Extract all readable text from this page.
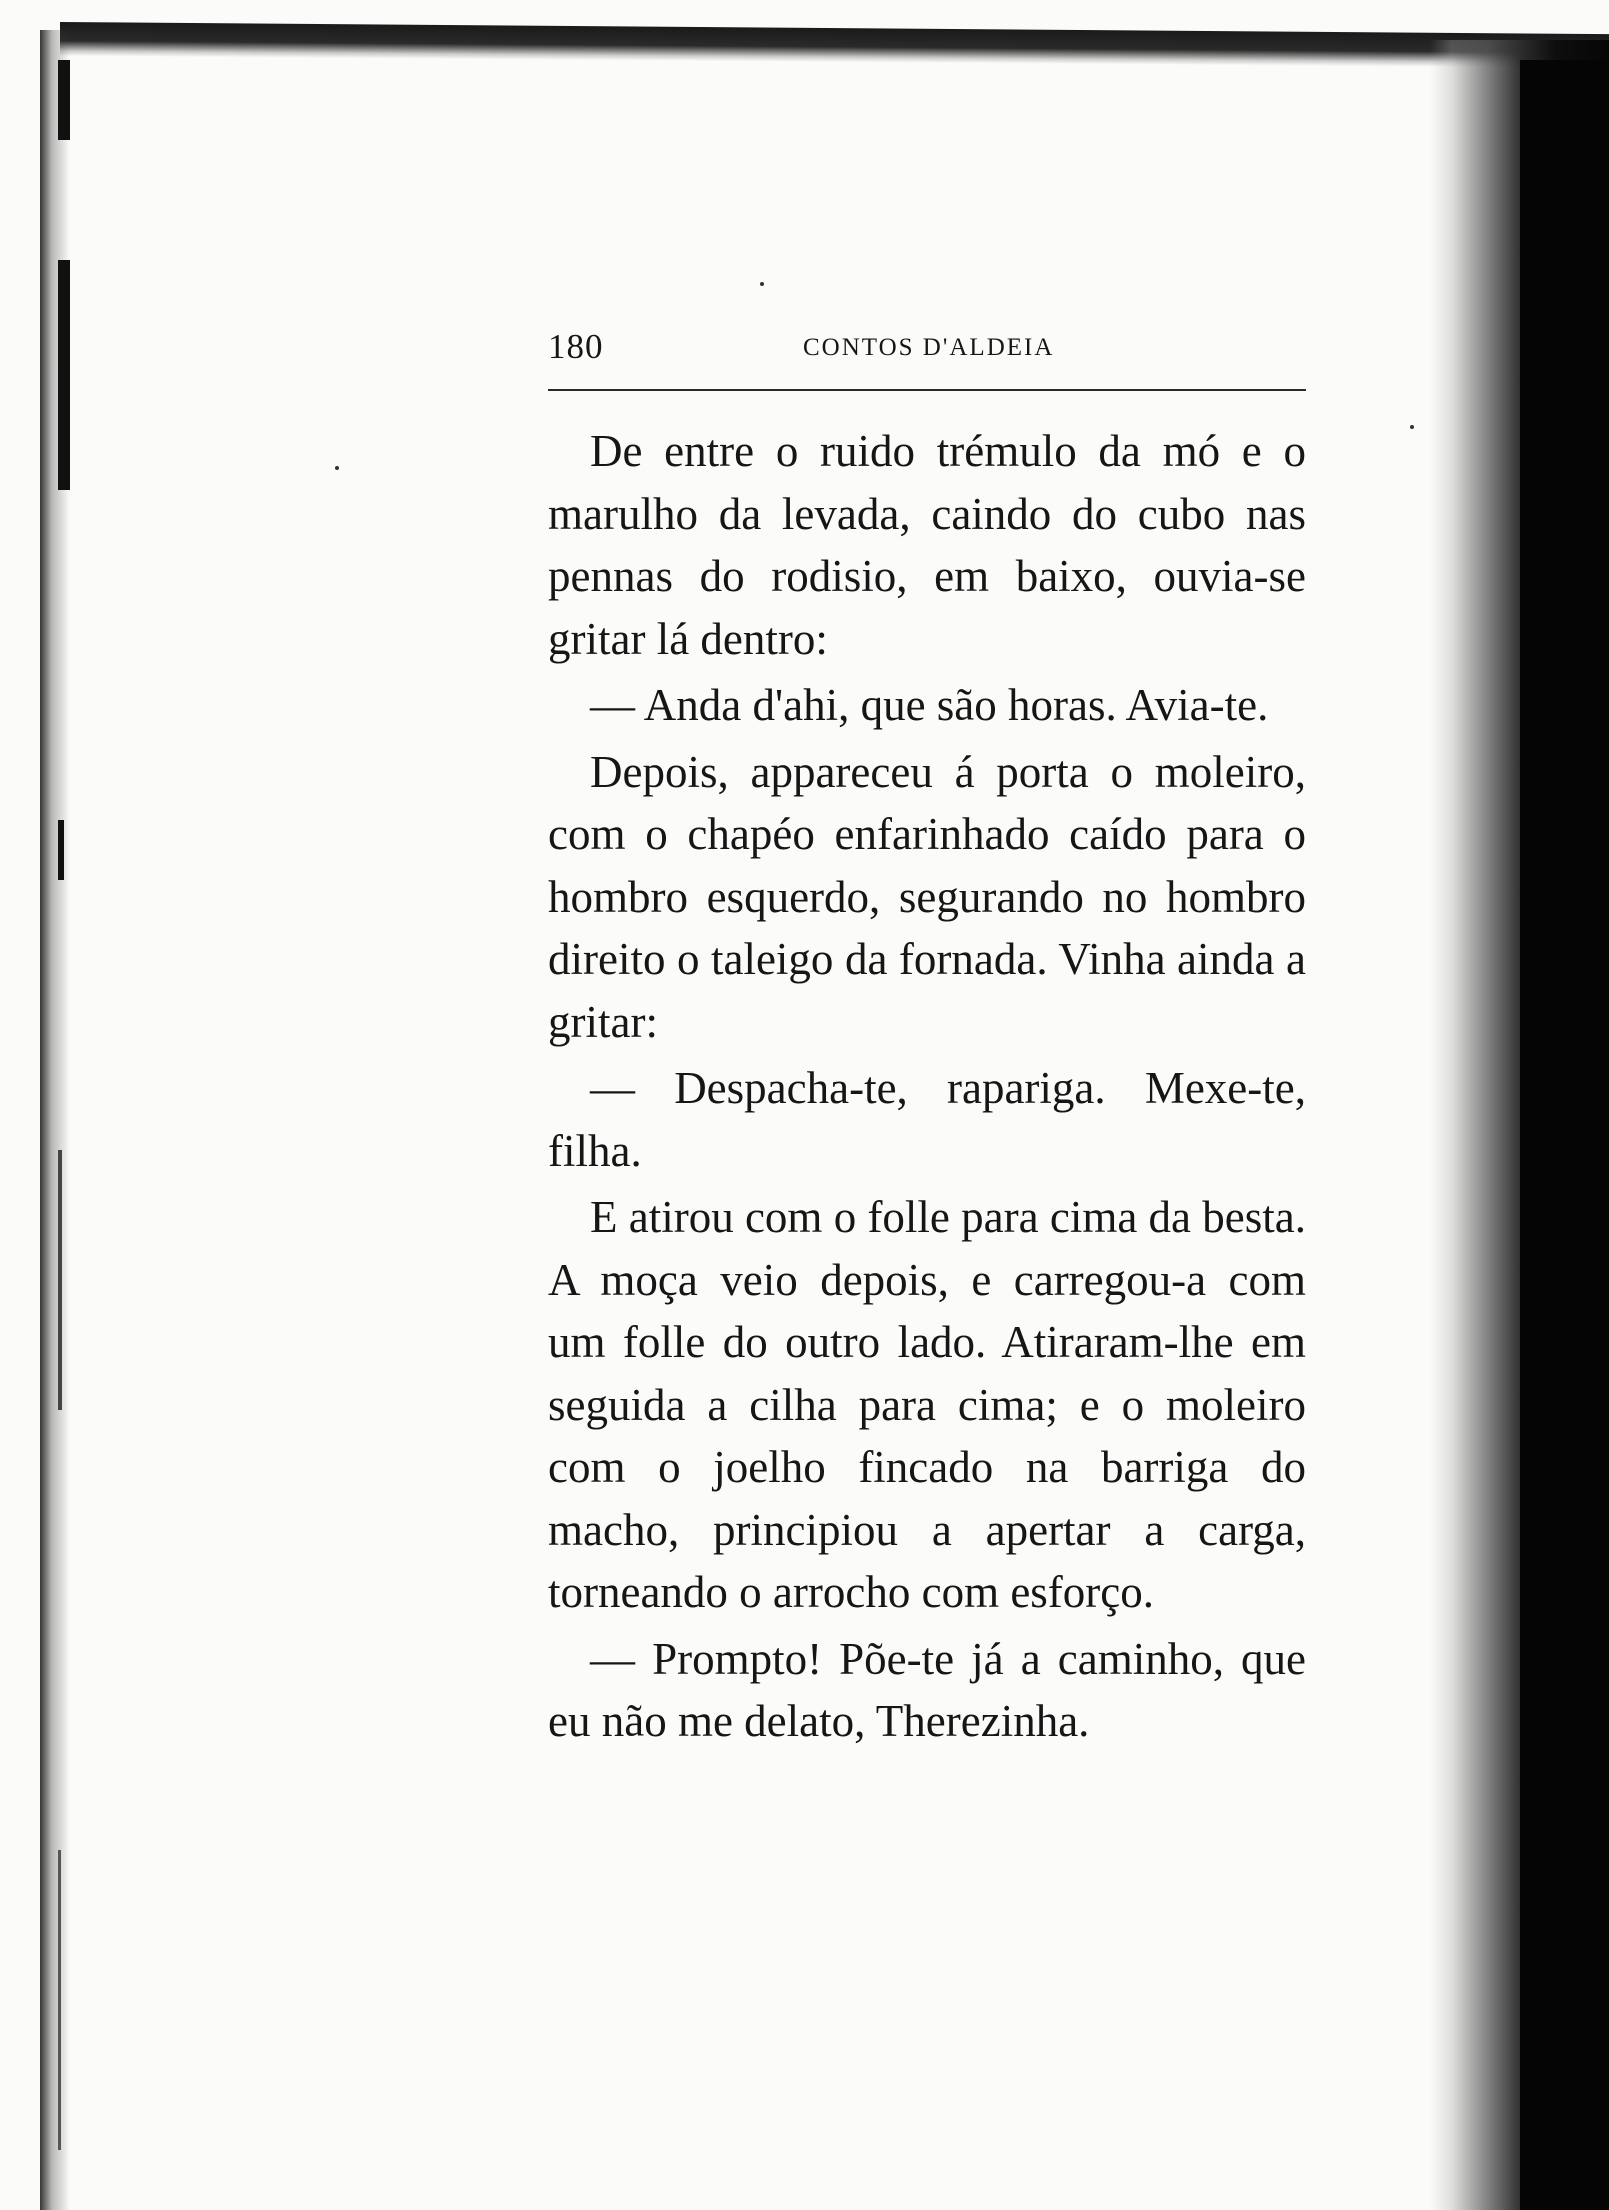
180	CONTOS D'ALDEIA

De entre o ruido trémulo da mó e o marulho da levada, caindo do cubo nas pennas do rodisio, em baixo, ouvia-se gritar lá dentro:

— Anda d'ahi, que são horas. Avia-te.

Depois, appareceu á porta o moleiro, com o chapéo enfarinhado caído para o hombro esquerdo, segurando no hombro direito o taleigo da fornada. Vinha ainda a gritar:

— Despacha-te, rapariga. Mexe-te, filha.

E atirou com o folle para cima da besta. A moça veio depois, e carregou-a com um folle do outro lado. Atiraram-lhe em seguida a cilha para cima; e o moleiro com o joelho fincado na barriga do macho, principiou a apertar a carga, torneando o arrocho com esforço.

— Prompto! Põe-te já a caminho, que eu não me delato, Therezinha.
